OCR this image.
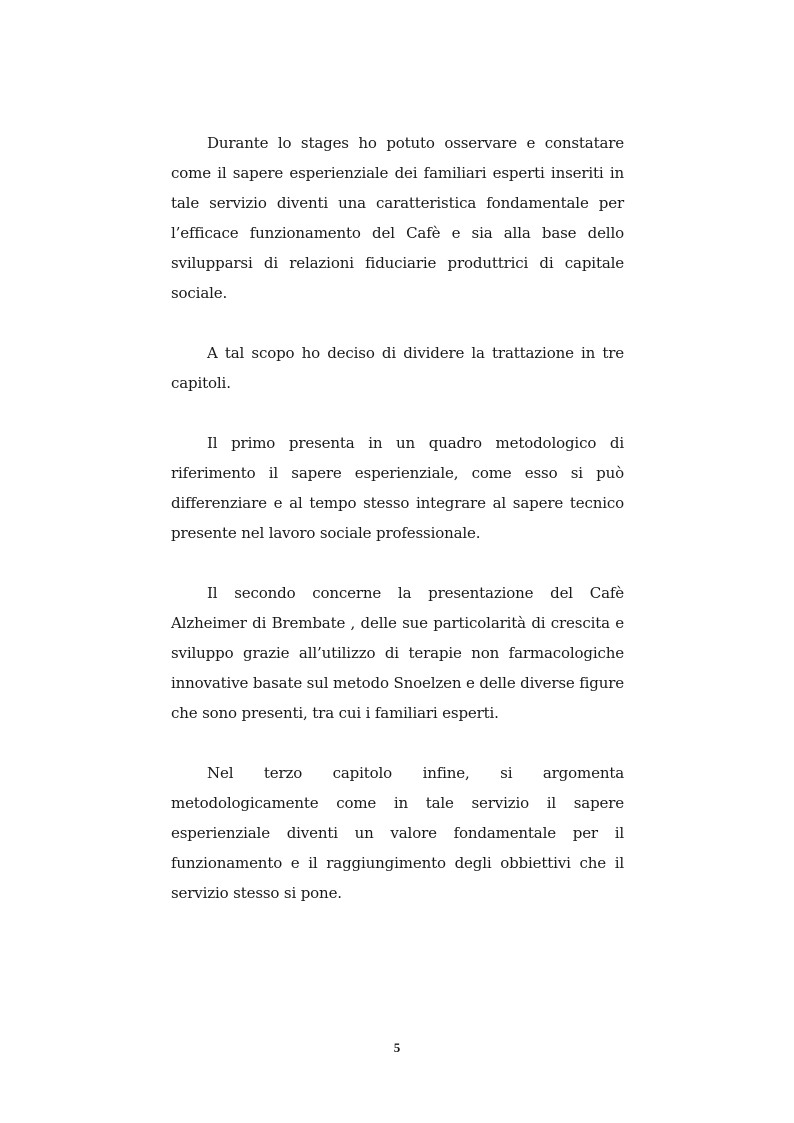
Durante lo stages ho potuto osservare e constatare come il sapere esperienziale dei familiari esperti inseriti in tale servizio diventi una caratteristica fondamentale per l’efficace funzionamento del Cafè e sia alla base dello svilupparsi di relazioni fiduciarie produttrici di capitale sociale.

A tal scopo ho deciso di dividere la trattazione in tre capitoli.

Il primo presenta in un quadro metodologico di riferimento il sapere esperienziale, come esso si può differenziare e al tempo stesso integrare al sapere tecnico presente nel lavoro sociale professionale.

Il secondo concerne la presentazione del Cafè Alzheimer di Brembate , delle sue particolarità di crescita e sviluppo grazie all’utilizzo di terapie non farmacologiche innovative basate sul metodo Snoelzen e delle diverse figure che sono presenti, tra cui i familiari esperti.

Nel terzo capitolo infine, si argomenta metodologicamente come in tale servizio il sapere esperienziale diventi un valore fondamentale per il funzionamento e il raggiungimento degli obbiettivi che il servizio stesso si pone.

5
